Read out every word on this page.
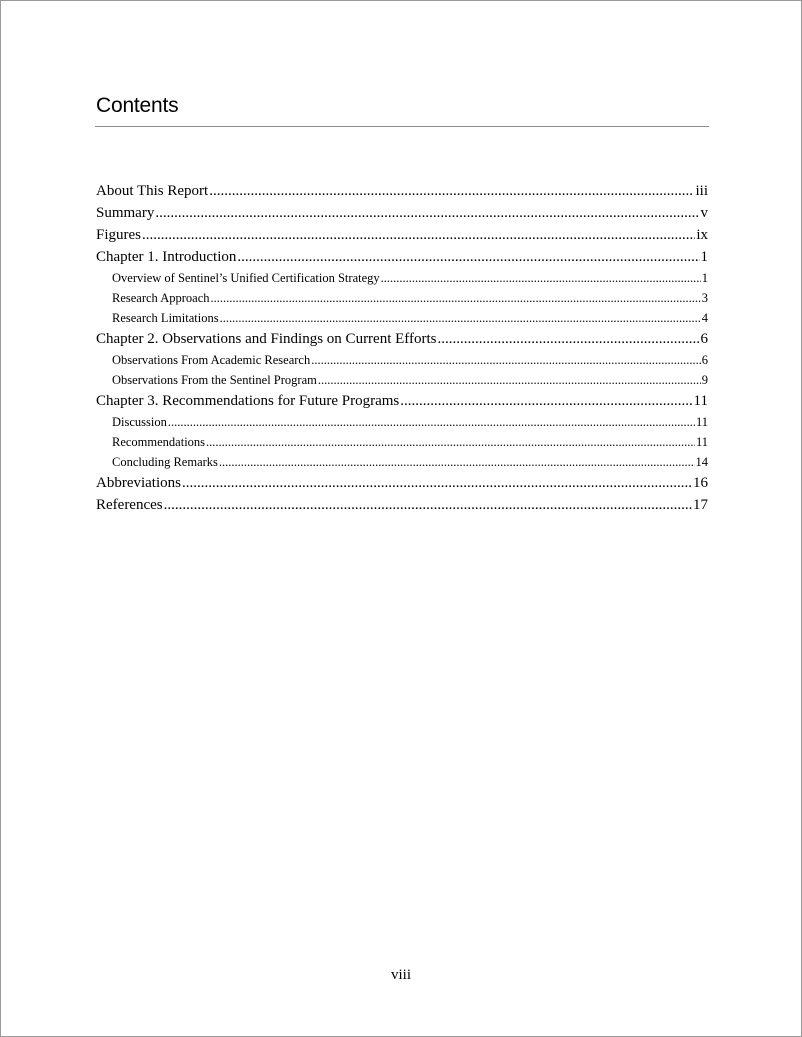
Contents
About This Report .....	iii
Summary .....	v
Figures .....	ix
Chapter 1. Introduction .....	1
Overview of Sentinel’s Unified Certification Strategy .....	1
Research Approach .....	3
Research Limitations .....	4
Chapter 2. Observations and Findings on Current Efforts .....	6
Observations From Academic Research .....	6
Observations From the Sentinel Program .....	9
Chapter 3. Recommendations for Future Programs .....	11
Discussion .....	11
Recommendations .....	11
Concluding Remarks .....	14
Abbreviations .....	16
References .....	17
viii
